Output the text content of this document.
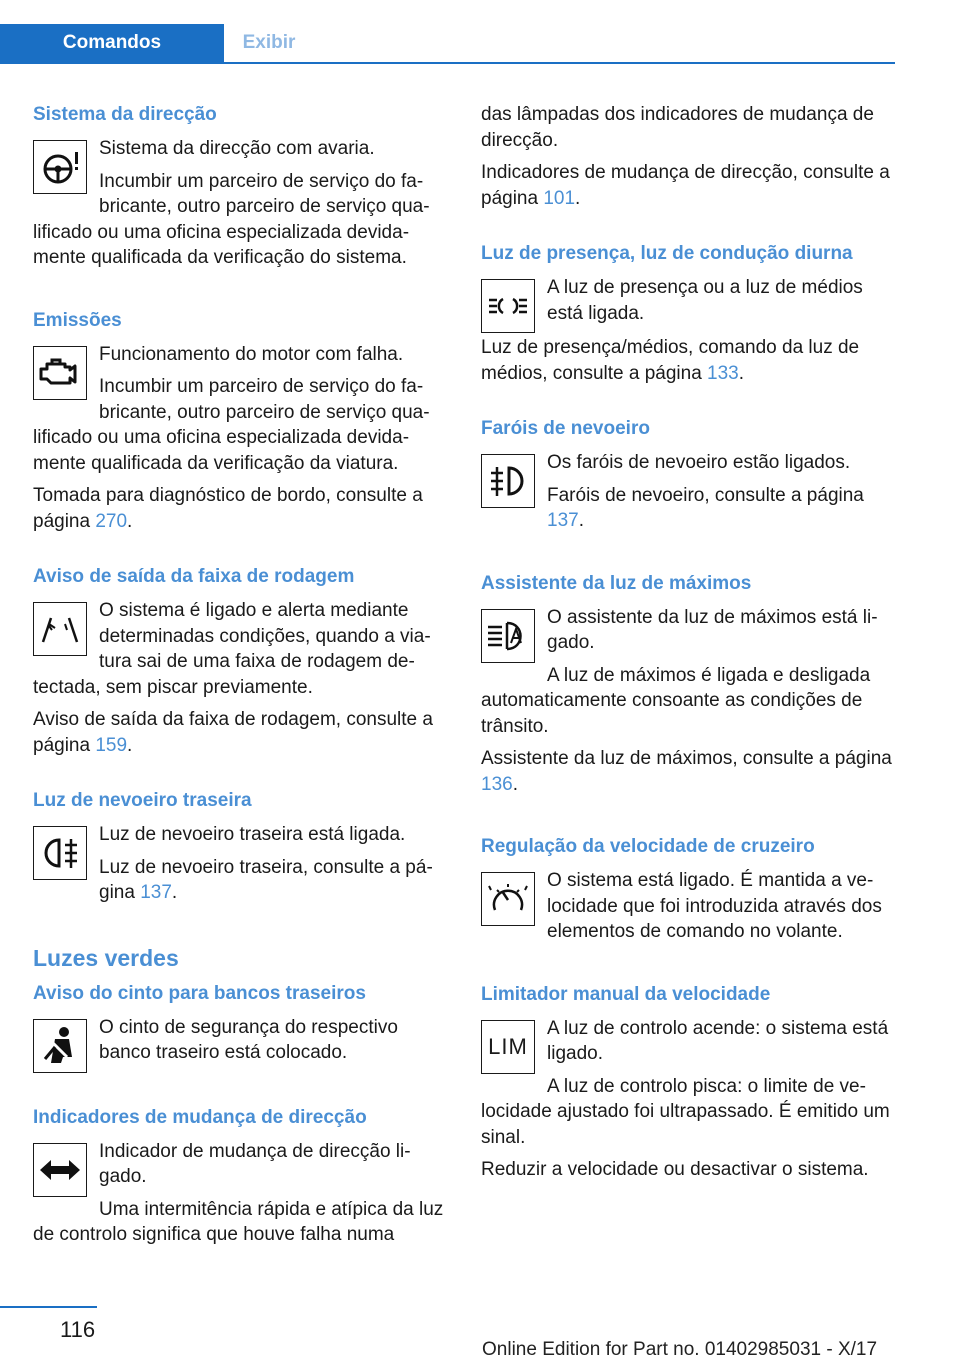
Comandos	Exibir
Sistema da direcção
Sistema da direcção com avaria.
Incumbir um parceiro de serviço do fabricante, outro parceiro de serviço qualificado ou uma oficina especializada devidamente qualificada da verificação do sistema.
Emissões
Funcionamento do motor com falha.
Incumbir um parceiro de serviço do fabricante, outro parceiro de serviço qualificado ou uma oficina especializada devidamente qualificada da verificação da viatura.
Tomada para diagnóstico de bordo, consulte a página 270.
Aviso de saída da faixa de rodagem
O sistema é ligado e alerta mediante determinadas condições, quando a viatura sai de uma faixa de rodagem detectada, sem piscar previamente.
Aviso de saída da faixa de rodagem, consulte a página 159.
Luz de nevoeiro traseira
Luz de nevoeiro traseira está ligada.
Luz de nevoeiro traseira, consulte a página 137.
Luzes verdes
Aviso do cinto para bancos traseiros
O cinto de segurança do respectivo banco traseiro está colocado.
Indicadores de mudança de direcção
Indicador de mudança de direcção ligado.
Uma intermitência rápida e atípica da luz de controlo significa que houve falha numa
das lâmpadas dos indicadores de mudança de direcção.
Indicadores de mudança de direcção, consulte a página 101.
Luz de presença, luz de condução diurna
A luz de presença ou a luz de médios está ligada.
Luz de presença/médios, comando da luz de médios, consulte a página 133.
Faróis de nevoeiro
Os faróis de nevoeiro estão ligados.
Faróis de nevoeiro, consulte a página 137.
Assistente da luz de máximos
O assistente da luz de máximos está ligado.
A luz de máximos é ligada e desligada automaticamente consoante as condições de trânsito.
Assistente da luz de máximos, consulte a página 136.
Regulação da velocidade de cruzeiro
O sistema está ligado. É mantida a velocidade que foi introduzida através dos elementos de comando no volante.
Limitador manual da velocidade
LIM
A luz de controlo acende: o sistema está ligado.
A luz de controlo pisca: o limite de velocidade ajustado foi ultrapassado. É emitido um sinal.
Reduzir a velocidade ou desactivar o sistema.
116
Online Edition for Part no. 01402985031 - X/17
